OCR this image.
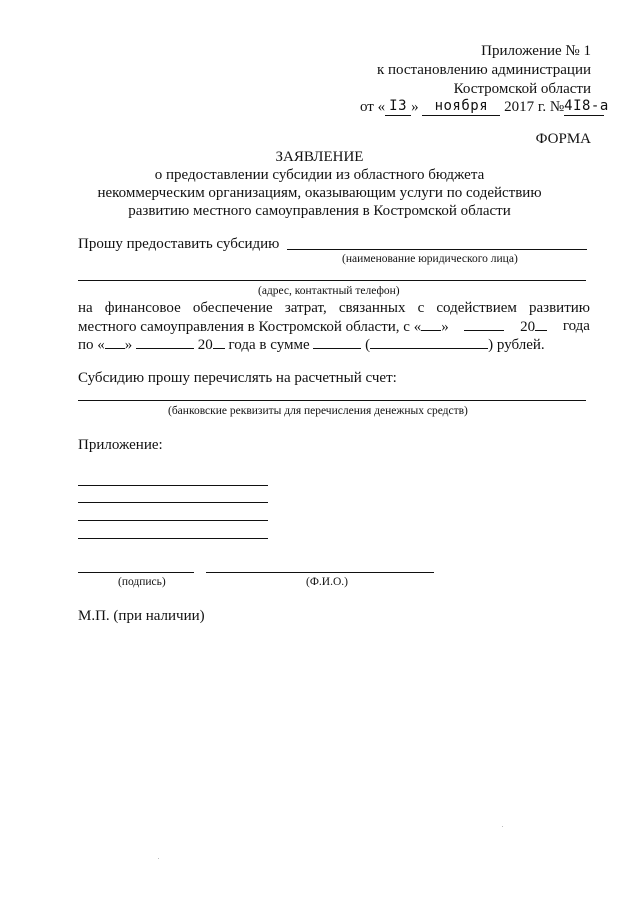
Приложение № 1
к постановлению администрации
Костромской области
от « I3 » ноября 2017 г. №4I8-а
ФОРМА
ЗАЯВЛЕНИЕ
о предоставлении субсидии из областного бюджета
некоммерческим организациям, оказывающим услуги по содействию
развитию местного самоуправления в Костромской области
Прошу предоставить субсидию
(наименование юридического лица)
(адрес, контактный телефон)
на финансовое обеспечение затрат, связанных с содействием развитию
местного самоуправления в Костромской области, с « »	20	года
по « »	20 года в сумме	(	) рублей.
Субсидию прошу перечислять на расчетный счет:
(банковские реквизиты для перечисления денежных средств)
Приложение:
(подпись)	(Ф.И.О.)
М.П. (при наличии)
